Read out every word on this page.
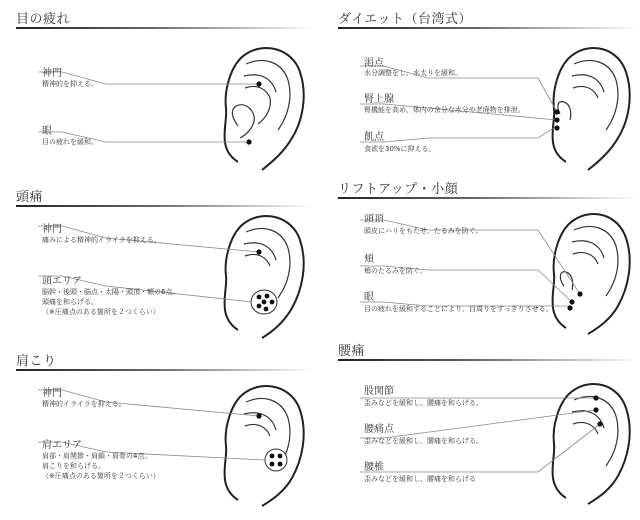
目の疲れ
神門
精神的を抑える。
眼
目の疲れを緩和。
頭痛
神門
痛みによる精神的イライラを抑える。
頭エリア
脳幹・後頭・脳点・太陽・頭頂・額の6点。
頭痛を和らげる。
（※圧痛点のある箇所を２つくらい）
肩こり
神門
精神的イライラを抑える。
肩エリア
肩部・肩関節・肩鎖・肩骨の4点。
肩こりを和らげる。
（※圧痛点のある箇所を２つくらい）
ダイエット（台湾式）
渇点
水分調整をし、水太りを緩和。
腎上腺
腎機能を高め、体内の余分な水分や老廃物を排泄。
飢点
食欲を30%に抑える。
リフトアップ・小顔
頭頂
頭皮にハリをもたせ、たるみを防ぐ。
頬
頬のたるみを防ぐ。
眼
目の疲れを緩和することにより、目周りをすっきりさせる。
腰痛
股関節
歪みなどを緩和し、腰痛を和らげる。
腰痛点
歪みなどを緩和し、腰痛を和らげる。
腰椎
歪みなどを緩和し、腰痛を和らげる
